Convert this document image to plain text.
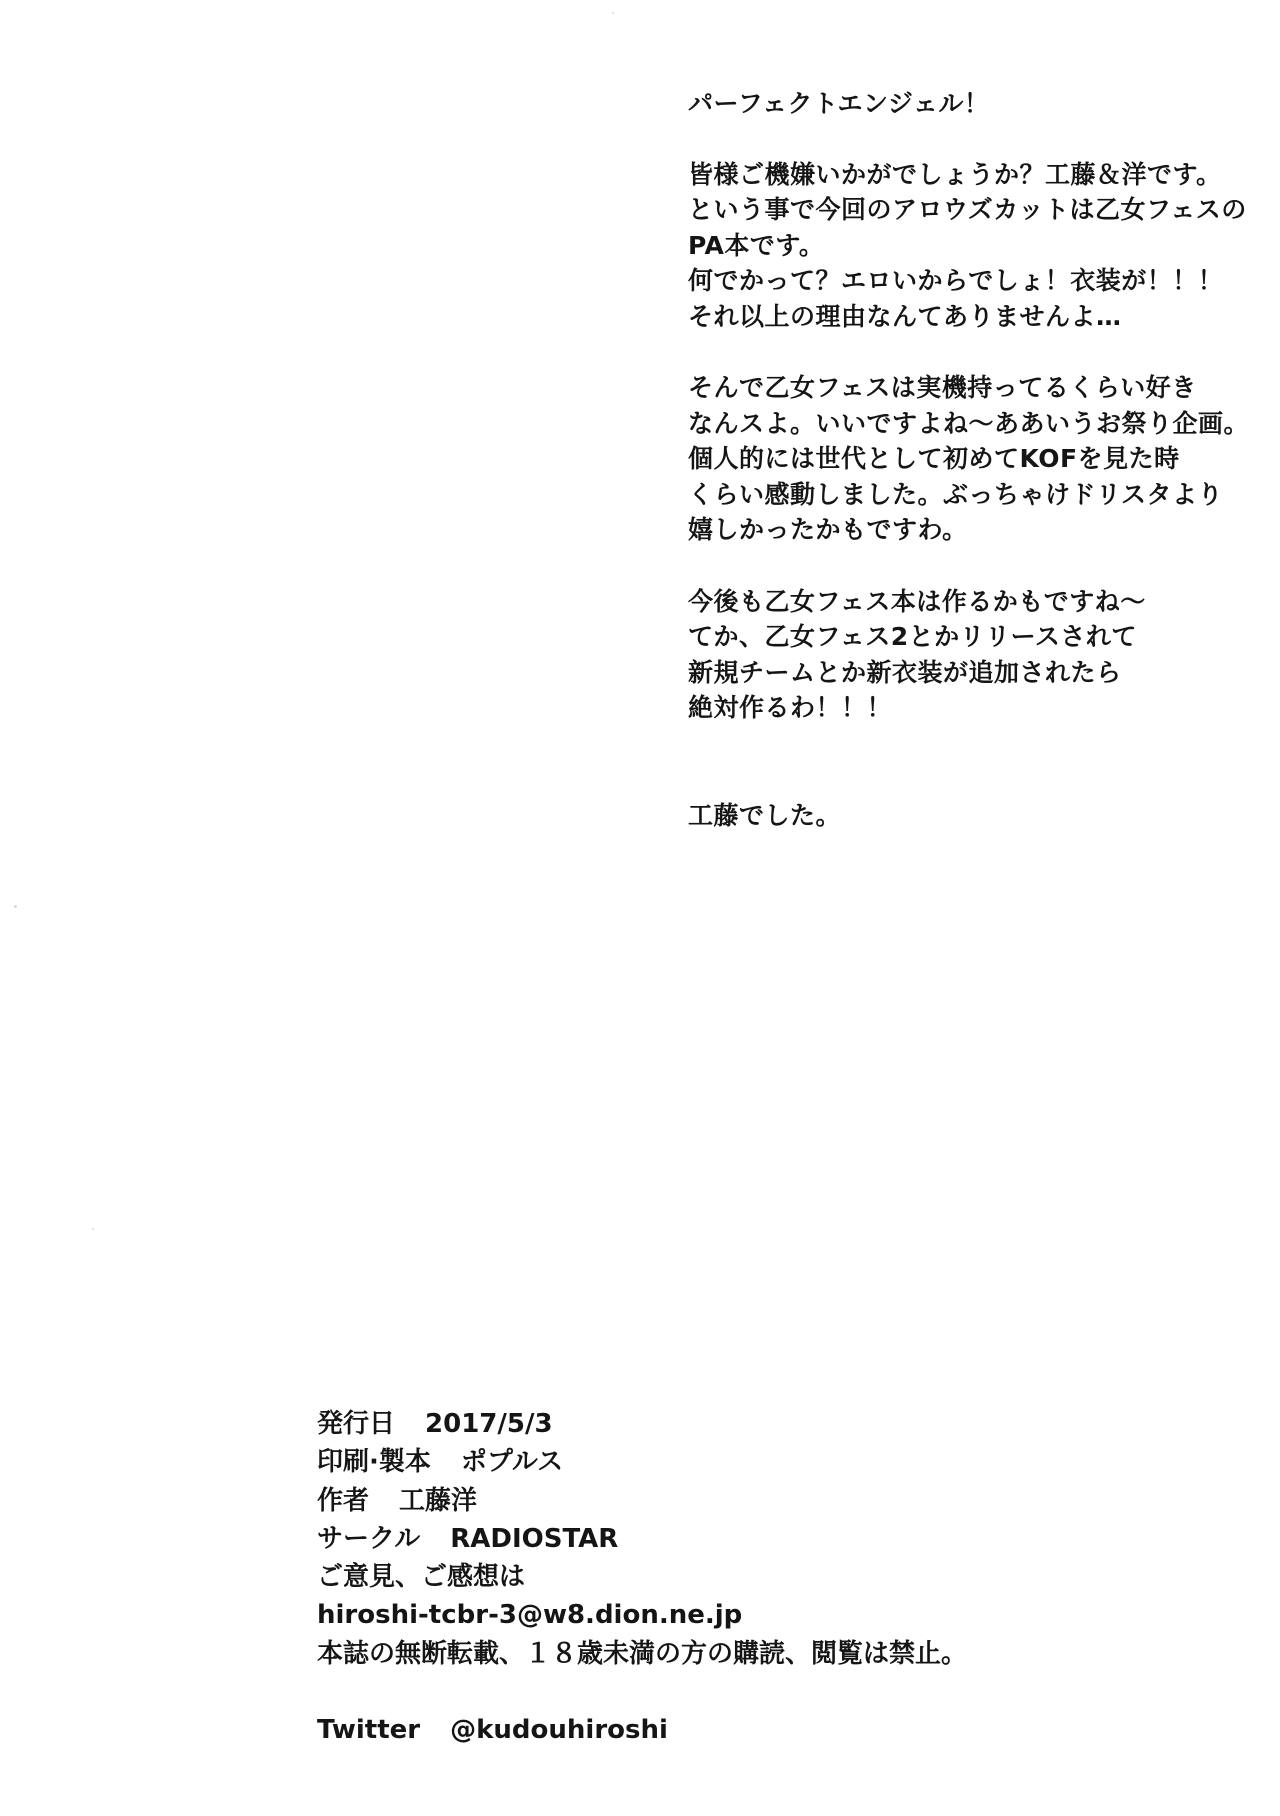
パーフェクトエンジェル！
皆様ご機嫌いかがでしょうか？工藤＆洋です。
という事で今回のアロウズカットは乙女フェスの
PA本です。
何でかって？エロいからでしょ！衣装が！！！
それ以上の理由なんてありませんよ…
そんで乙女フェスは実機持ってるくらい好き
なんスよ。いいですよね～ああいうお祭り企画。
個人的には世代として初めてKOFを見た時
くらい感動しました。ぶっちゃけドリスタより
嬉しかったかもですわ。
今後も乙女フェス本は作るかもですね～
てか、乙女フェス2とかリリースされて
新規チームとか新衣装が追加されたら
絶対作るわ！！！
工藤でした。
発行日 2017/5/3
印刷·製本 ポプルス
作者 工藤洋
サークル RADIOSTAR
ご意見、ご感想は
hiroshi-tcbr-3@w8.dion.ne.jp
本誌の無断転載、１８歳未満の方の購読、閲覧は禁止。
Twitter @kudouhiroshi
